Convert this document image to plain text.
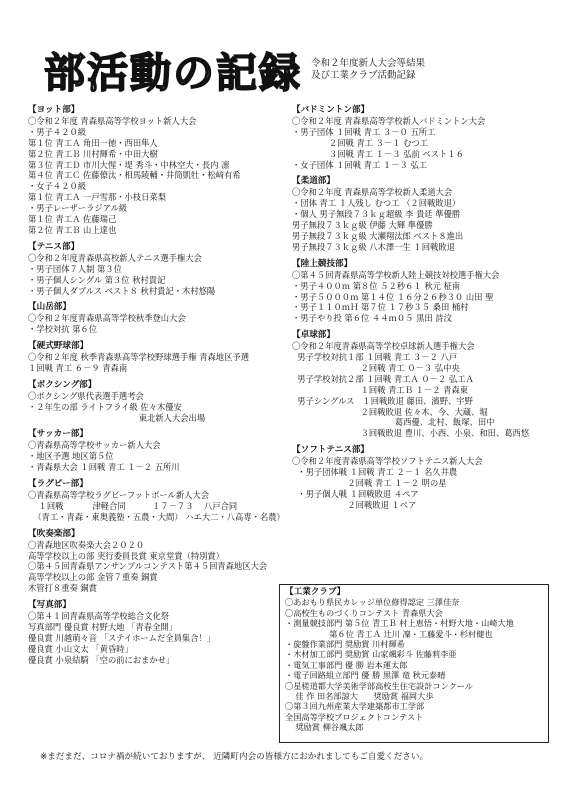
部活動の記録 令和２年度新人大会等結果
及び工業クラブ活動記録
【ヨット部】
〇令和２年度 青森県高等学校ヨット新人大会
・男子４２０級
第１位 青工Ａ 角田一徳・西田隼人
第２位 青工Ｂ 川村輝希・中田大樹
第３位 青工Ｄ 市川大惺・堤 秀斗・中林空大・長内 凛
第４位 青工Ｃ 佐藤僚汰・相馬陵輔・井筒凱牡・松﨑有希
・女子４２０級
第１位 青工Ａ 一戸雪那・小枝日菜梨
・男子レーザーラジアル級
第１位 青工Ａ 佐藤瑞己
第２位 青工Ｂ 山上達也
【テニス部】
〇令和２年度青森県高校新人テニス選手権大会
・男子団体７人制 第３位
・男子個人シングル 第３位 秋村貴記
・男子個人ダブルス ベスト８ 秋村貴記・木村悠陽
【山岳部】
〇令和２年度青森県高等学校秋季登山大会
・学校対抗 第６位
【硬式野球部】
〇令和２年度 秋季青森県高等学校野球選手権 青森地区予選
１回戦 青工 ６－９ 青森南
【ボクシング部】
〇ボクシング県代表選手選考会
・２年生の部 ライトフライ級 佐々木優安
東北新人大会出場
【サッカー部】
〇青森県高等学校サッカー新人大会
・地区予選 地区第５位
・青森県大会 １回戦 青工 １－２ 五所川
【ラグビー部】
〇青森県高等学校ラグビーフットボール新人大会
１回戦           津軽合同          １７－７３    八戸合同
（青工・青森・東奥義塾・五農・大間） ハエ大二・八高専・名農）
【吹奏楽部】
〇青森地区吹奏楽大会２０２０
高等学校以上の部 実行委員長賞 東京堂賞（特別賞）
〇第４５回青森県アンサンブルコンテスト第４５回青森地区大会
高等学校以上の部 金管７重奏 銅賞
木管打８重奏 銅賞
【写真部】
〇第４１回青森県高等学校総合文化祭
写真部門 優良賞 村野大地 「青春全開」
優良賞 川越萌々音 「ステイホームだ全員集合！」
優良賞 小山文太 「黄昏時」
優良賞 小泉結騎 「空の前におまかせ」
【バドミントン部】
〇令和２年度 青森県高等学校新人バドミントン大会
・男子団体 １回戦 青工 ３－０ 五所工
２回戦 青工 ３－１ むつ工
３回戦 青工 １－３ 弘前 ベスト１６
・女子団体 １回戦 青工 １－３ 弘工
【柔道部】
〇令和２年度 青森県高等学校新人柔道大会
・団体 青工 １人残し むつ工 （２回戦敗退）
・個人 男子無段７３ｋｇ超級 李 貴廷 準優勝
男子無段７３ｋｇ級 伊藤 大輝 準優勝
男子無段７３ｋｇ級 大瀬翔汰郎 ベスト８進出
男子無段７３ｋｇ級 八木澤一生 １回戦敗退
【陸上競技部】
〇第４５回青森県高等学校新人陸上競技対校選手権大会
・男子４００ｍ 第８位 ５２秒６１ 秋元 柾南
・男子５０００ｍ 第１４位 １６分２６秒３０ 山田 聖
・男子１１０ｍＨ 第７位 １７秒３５ 桑田 桶村
・男子やり投 第６位 ４４ｍ０５ 黒田 詩汶
【卓球部】
〇令和２年度青森県高等学校卓球新人選手権大会
男子学校対抗１部 １回戦 青工 ３－２ 八戸
２回戦 青工 ０－３ 弘中央
男子学校対抗２部 １回戦 青工Ａ ０－２ 弘工Ａ
１回戦 青工Ｂ １－２ 青森東
男子シングルス   １回戦敗退 藤田、濱野、宇野
２回戦敗退 佐々木、今、大蔵、堀
葛西優、北村、飯塚、田中
３回戦敗退 豊川、小西、小泉、和田、葛西悠
【ソフトテニス部】
〇令和２年度青森県高等学校ソフトテニス新人大会
・男子団体戦 １回戦 青工 ２－１ 名久井農
２回戦 青工 １－２ 明の星
・男子個人戦 １回戦敗退 ４ペア
２回戦敗退 １ペア
【工業クラブ】
〇あおもり県民カレッジ単位修得認定 三澤佳奈
〇高校生ものづくりコンテスト 青森県大会
・測量競技部門 第５位 青工Ｂ 村上恵悟・村野大地・山崎大地
第６位 青工Ａ 辻川 凜・工藤愛斗・杉村健也
・旋盤作業部門 奨励賞 川村輝希
・木材加工部門 奨励賞 山家颯彩斗 佐藤莉李亜
・電気工事部門 優 勝 岩本運太郎
・電子回路組立部門 優 勝 黒澤 竜 秋元泰晴
〇星槎道都大学美術学部高校生住宅設計コンクール
佳 作 田名部諒大      奨励賞 福岡大歩
〇第３回九州産業大学建築都市工学部
全国高等学校プロジェクトコンテスト
奨励賞 柳谷颯太郎
※まだまだ、コロナ禍が続いておりますが、 近隣町内会の皆様方におかれましてもご自愛ください。
